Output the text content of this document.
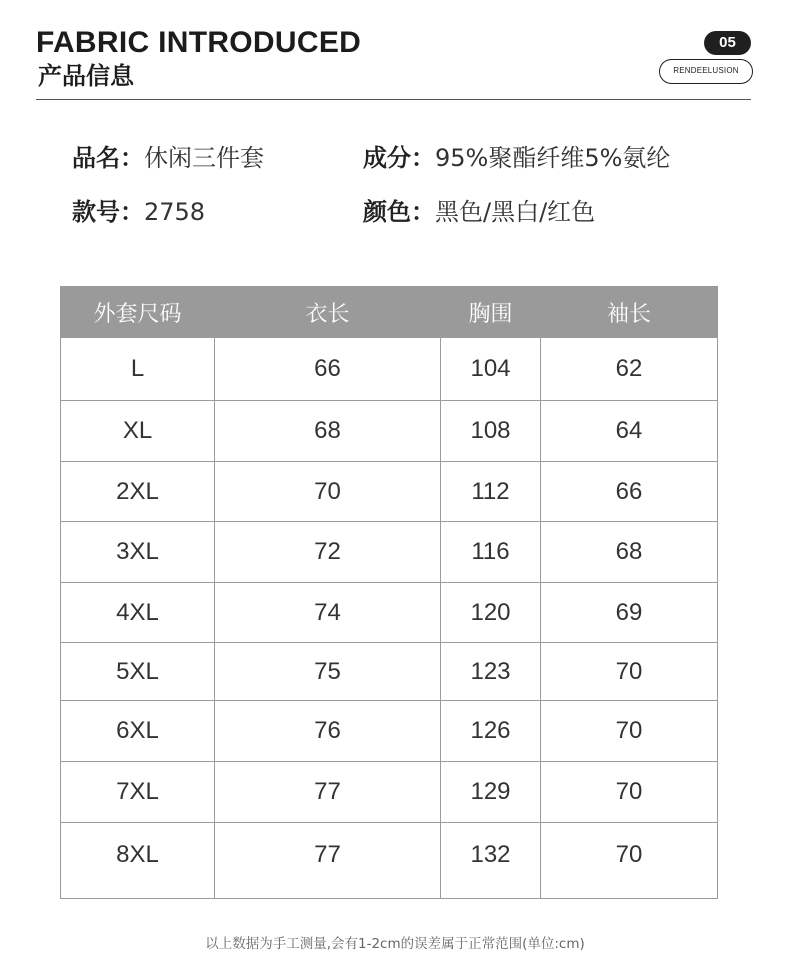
FABRIC INTRODUCED
产品信息
05
RENDEELUSION
品名：休闲三件套	成分：95%聚酯纤维5%氨纶
款号：2758	颜色：黑色/黑白/红色
外套尺码	衣长	胸围	袖长
L	66	104	62
XL	68	108	64
2XL	70	112	66
3XL	72	116	68
4XL	74	120	69
5XL	75	123	70
6XL	76	126	70
7XL	77	129	70
8XL	77	132	70
以上数据为手工测量,会有1-2cm的误差属于正常范围(单位:cm)
